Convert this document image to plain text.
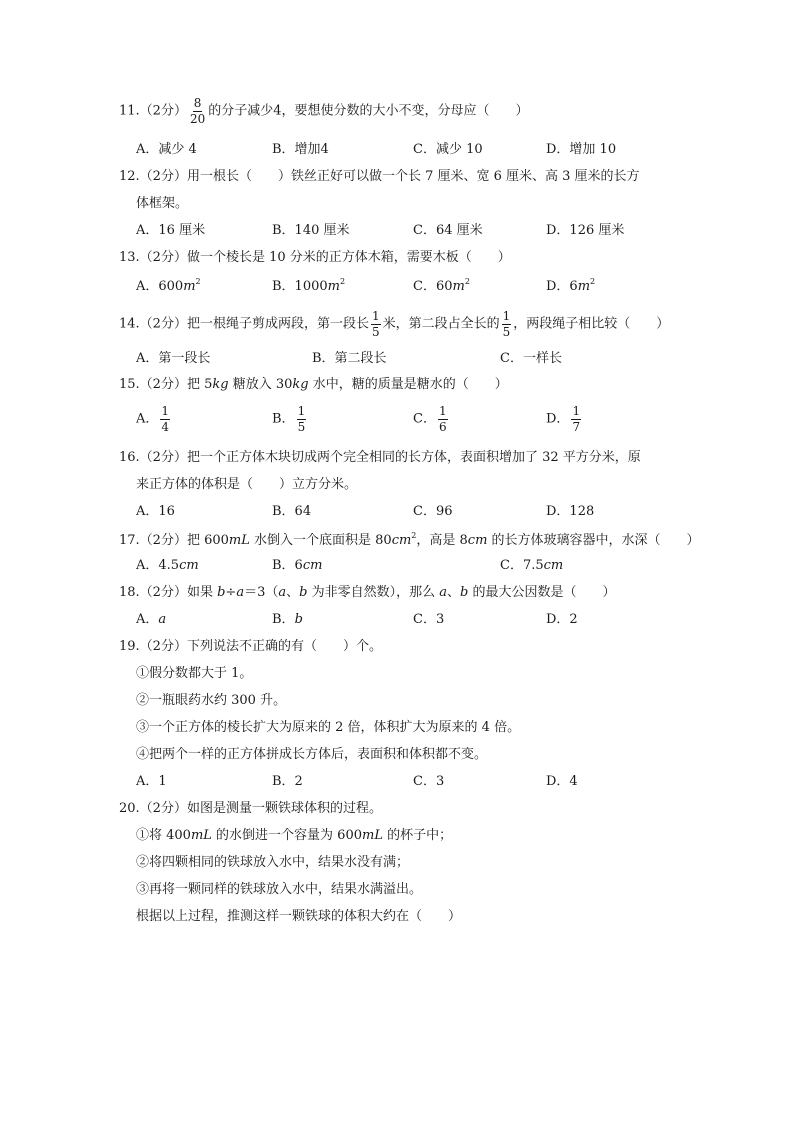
11.（2分） $\frac{8}{20}$ 的分子减少4，要想使分数的大小不变，分母应（　　）
A．减少 4	B．增加4	C．减少 10	D．增加 10
12.（2分）用一根长（　　）铁丝正好可以做一个长 7 厘米、宽 6 厘米、高 3 厘米的长方
体框架。
A．16 厘米	B．140 厘米	C．64 厘米	D．126 厘米
13.（2分）做一个棱长是 10 分米的正方体木箱，需要木板（　　）
A．$600m^2$	B．$1000m^2$	C．$60m^2$	D．$6m^2$
14.（2分）把一根绳子剪成两段，第一段长 $\frac{1}{5}$ 米，第二段占全长的 $\frac{1}{5}$ ，两段绳子相比较（　　）
A．第一段长	B．第二段长	C．一样长
15.（2分）把 5kg 糖放入 30kg 水中，糖的质量是糖水的（　　）
A． $\frac{1}{4}$	B． $\frac{1}{5}$	C． $\frac{1}{6}$	D． $\frac{1}{7}$
16.（2分）把一个正方体木块切成两个完全相同的长方体，表面积增加了 32 平方分米，原
来正方体的体积是（　　）立方分米。
A．16	B．64	C．96	D．128
17.（2分）把 600mL 水倒入一个底面积是 $80cm^2$，高是 8cm 的长方体玻璃容器中，水深（　　）
A．4.5cm	B．6cm	C．7.5cm
18.（2分）如果 b÷a＝3（a、b 为非零自然数），那么 a、b 的最大公因数是（　　）
A．a	B．b	C．3	D．2
19.（2分）下列说法不正确的有（　　）个。
①假分数都大于 1。
②一瓶眼药水约 300 升。
③一个正方体的棱长扩大为原来的 2 倍，体积扩大为原来的 4 倍。
④把两个一样的正方体拼成长方体后，表面积和体积都不变。
A．1	B．2	C．3	D．4
20.（2分）如图是测量一颗铁球体积的过程。
①将 400mL 的水倒进一个容量为 600mL 的杯子中；
②将四颗相同的铁球放入水中，结果水没有满；
③再将一颗同样的铁球放入水中，结果水满溢出。
根据以上过程，推测这样一颗铁球的体积大约在（　　）
